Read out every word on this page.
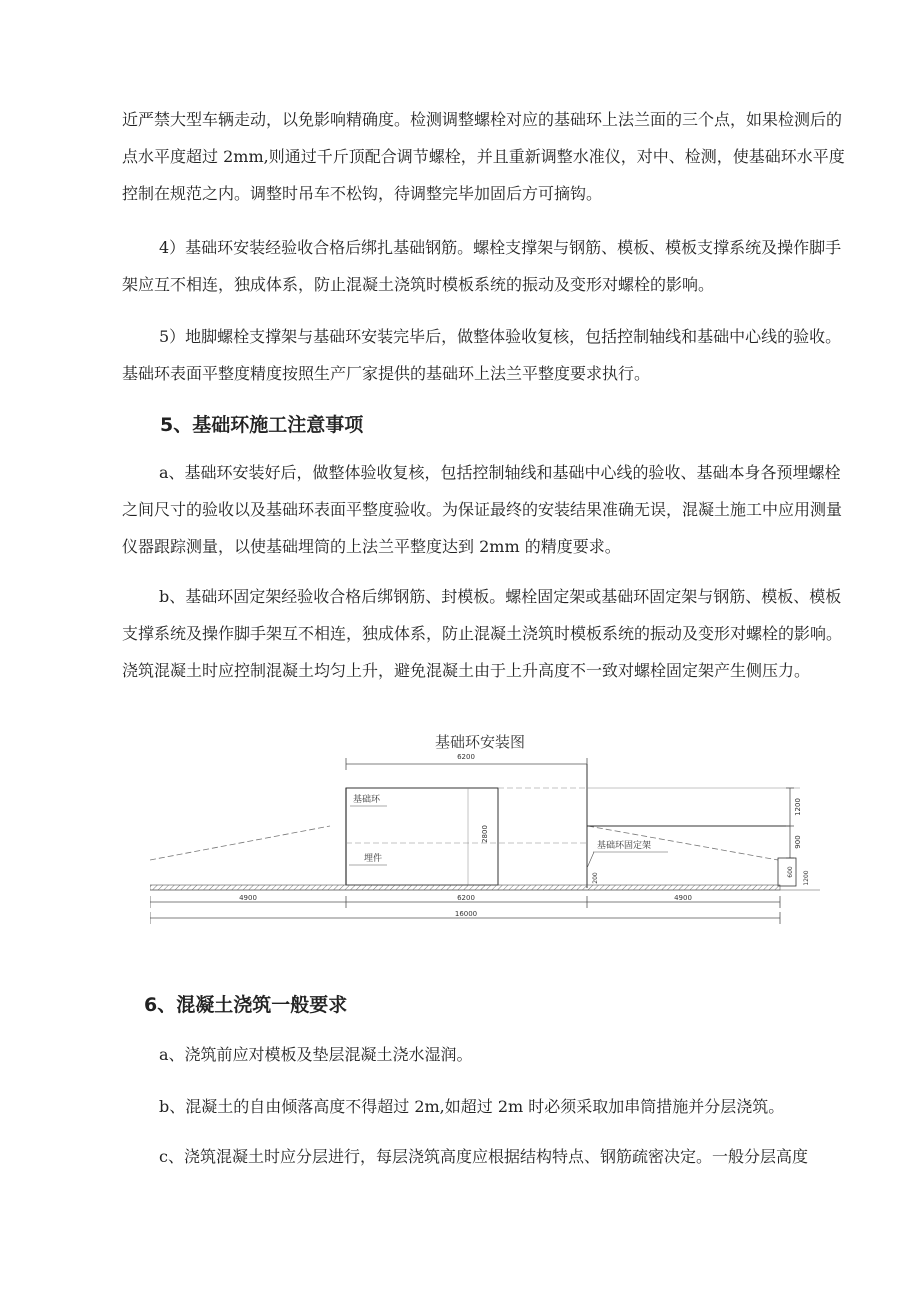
近严禁大型车辆走动，以免影响精确度。检测调整螺栓对应的基础环上法兰面的三个点，如果检测后的点水平度超过 2mm,则通过千斤顶配合调节螺栓，并且重新调整水准仪，对中、检测，使基础环水平度控制在规范之内。调整时吊车不松钩，待调整完毕加固后方可摘钩。

4）基础环安装经验收合格后绑扎基础钢筋。螺栓支撑架与钢筋、模板、模板支撑系统及操作脚手架应互不相连，独成体系，防止混凝土浇筑时模板系统的振动及变形对螺栓的影响。

5）地脚螺栓支撑架与基础环安装完毕后，做整体验收复核，包括控制轴线和基础中心线的验收。基础环表面平整度精度按照生产厂家提供的基础环上法兰平整度要求执行。

5、基础环施工注意事项

a、基础环安装好后，做整体验收复核，包括控制轴线和基础中心线的验收、基础本身各预埋螺栓之间尺寸的验收以及基础环表面平整度验收。为保证最终的安装结果准确无误，混凝土施工中应用测量仪器跟踪测量，以使基础埋筒的上法兰平整度达到 2mm 的精度要求。

b、基础环固定架经验收合格后绑钢筋、封模板。螺栓固定架或基础环固定架与钢筋、模板、模板支撑系统及操作脚手架互不相连，独成体系，防止混凝土浇筑时模板系统的振动及变形对螺栓的影响。浇筑混凝土时应控制混凝土均匀上升，避免混凝土由于上升高度不一致对螺栓固定架产生侧压力。

基础环安装图
6200
2800
基础环
埋件
1200
900
600 1200
基础环固定架
200
4900	6200	4900
16000
6、混凝土浇筑一般要求

a、浇筑前应对模板及垫层混凝土浇水湿润。

b、混凝土的自由倾落高度不得超过 2m,如超过 2m 时必须采取加串筒措施并分层浇筑。

c、浇筑混凝土时应分层进行，每层浇筑高度应根据结构特点、钢筋疏密决定。一般分层高度
